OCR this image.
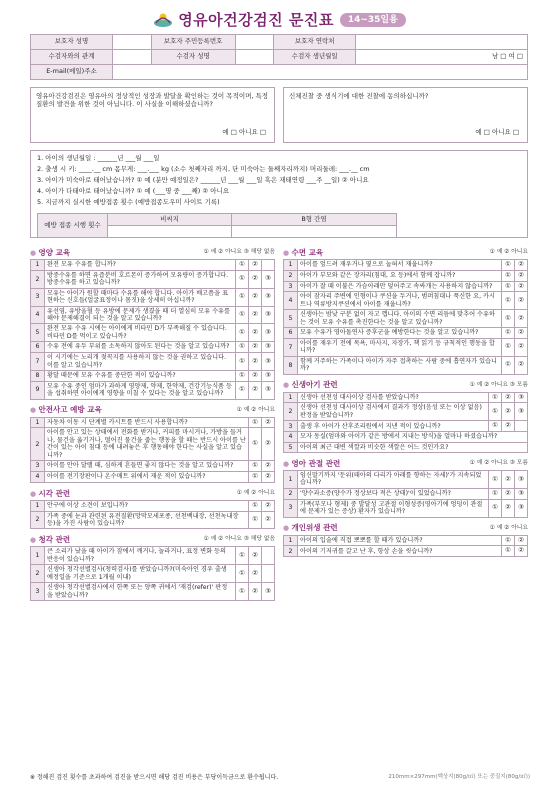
영유아건강검진 문진표	14~35일용
보호자 성명		보호자 주민등록번호		보호자 연락처	
수검자와의 관계		수검자 성명		수검자 생년월일	남 □ 여 □
E-mail(메일)주소					
영유아건강검진은 영유아의 정상적인 성장과 발달을 확인하는 것이 목적이며, 특정 질환의 발견을 위한 것이 아닙니다. 이 사실을 이해하셨습니까?
예 □ 아니요 □
신체진찰 중 생식기에 대한 진찰에 동의하십니까?
예 □ 아니요 □
1. 아이의 생년월일 : ______년 ___월 ___일
2. 출생 시 키: ____.__ cm 몸무게: ___.___ kg (소수 첫째자리 까지, 단 미숙아는 둘째자리까지) 머리둘레: ___.__ cm
3. 아이가 미숙아로 태어났습니까? ① 예 (분만 예정일은? ______년 ___월 ___일 혹은 재태연령 ___주 __일) ② 아니요
4. 아이가 다태아로 태어났습니까? ① 예 (___명 중 ___째) ② 아니요
5. 지금까지 실시한 예방접종 횟수 (예방접종도우미 사이트 기록)
예방 접종 시행 횟수	비씨지	B형 간염

● 영양 교육	① 예 ② 아니요 ③ 해당 없음
1	완전 모유 수유를 합니까?	①	②	
2	방중수유를 하면 유즙분비 호르몬이 증가하여 모유량이 증가합니다. 방중수유를 하고 있습니까?	①	②	③
3	모유는 아이가 원할 때마다 수유를 해야 합니다. 아이가 배고픔을 표현하는 신호들(얼굴표정이나 몸짓)을 상세히 아십니까?	①	②	③
4	유선염, 유방울혈 등 유방에 문제가 생겼을 때 더 열심히 모유 수유를 해야 문제해결이 되는 것을 알고 있습니까?	①	②	③
5	완전 모유 수유 시에는 아이에게 비타민 D가 부족해질 수 있습니다. 비타민 D를 먹이고 있습니까?	①	②	③
6	수유 전에 유두 부위를 소독하지 않아도 된다는 것을 알고 있습니까?	①	②	③
7	이 시기에는 노리개 젖꼭지를 사용하지 않는 것을 권하고 있습니다. 이를 알고 있습니까?	①	②	③
8	황달 때문에 모유 수유를 중단한 적이 있습니까?	①	②	③
9	모유 수유 중인 엄마가 과하게 영양제, 약제, 한약제, 건강기능식품 등을 섭취하면 아이에게 영향을 미칠 수 있다는 것을 알고 있습니까?	①	②	③
● 안전사고 예방 교육	① 예 ② 아니요
1	자동차 이동 시 단계별 카시트를 반드시 사용합니까?	①	②
2	아이를 안고 있는 상태에서 전화를 받거나, 커피를 마시거나, 가방을 들거나, 물건을 옮기거나, 떨어진 물건을 줍는 행동을 할 때는 반드시 아이를 난간이 있는 아이 침대 등에 내려놓은 후 행동해야 한다는 사실을 알고 있습니까?	①	②
3	아이를 안아 달랠 때, 심하게 흔들면 좋지 않다는 것을 알고 있습니까?	①	②
4	아이를 전기장판이나 온수매트 위에서 재운 적이 있습니까?	①	②
● 시각 관련	① 예 ② 아니요
1	안구에 이상 소견이 보입니까?	①	②
2	가족 중에 눈과 관련된 유전질환(망막모세포종, 선천백내장, 선천녹내장 등)을 가진 사람이 있습니까?	①	②
● 청각 관련	① 예 ② 아니요 ③ 해당 없음
1	큰 소리가 났을 때 아이가 잠에서 깨거나, 놀라거나, 표정 변화 등의 반응이 있습니까?	①	②	
2	신생아 청각선별검사(청력검사)를 받았습니까?(미숙아인 경우 출생 예정일을 기준으로 1개월 이내)	①	②	
3	신생아 청각선별검사에서 한쪽 또는 양쪽 귀에서 '재검(refer)' 판정을 받았습니까?	①	②	③
● 수면 교육	① 예 ② 아니요
1	아이를 엎드려 재우거나 옆으로 눕혀서 재웁니까?	①	②
2	아이가 부모와 같은 장자리(침대, 요 등)에서 함께 잡니까?	①	②
3	아이가 잘 때 이불은 가슴아래만 덮어주고 속싸개는 사용하지 않습니까?	①	②
4	아이 잠자리 주변에 인형이나 쿠션을 두거나, 범퍼침대나 푹신한 요, 카시트나 역류방지쿠션에서 아이를 재웁니까?	①	②
5	신생아는 밤낮 구분 없이 자고 깹니다. 아이의 수면 리듬에 맞추어 수유하는 것이 모유 수유를 촉진한다는 것을 알고 있습니까?	①	②
6	모유 수유가 영아돌연사 증후군을 예방한다는 것을 알고 있습니까?	①	②
7	아이를 재우기 전에 목욕, 마사지, 자장가, 책 읽기 등 규칙적인 행동을 합니까?	①	②
8	함께 거주하는 가족이나 아이가 자주 접촉하는 사람 중에 흡연자가 있습니까?	①	②
● 신생아기 관련	① 예 ② 아니요 ③ 모름
1	신생아 선천성 대사이상 검사를 받았습니까?	①	②	③
2	신생아 선천성 대사이상 검사에서 결과가 정상(음성 또는 이상 없음) 판정을 받았습니까?	①	②	③
3	출생 후 아이가 산후조리원에서 지낸 적이 있습니까?	①	②	
4	모자 동실(엄마와 아이가 같은 방에서 지내는 방식)을 얼마나 하셨습니까?			
5	아이의 최근 대변 색깔과 비슷한 색깔은 어느 것인가요?			
● 영아 관절 관련	① 예 ② 아니요 ③ 모름
1	임신말기까지 '둔위(태아의 다리가 아래를 향하는 자세)'가 지속되었습니까?	①	②	③
2	'양수과소증(양수가 정상보다 적은 상태)'이 있었습니까?	①	②	③
3	가족(부모나 형제) 중 발달성 고관절 이형성증(영아기에 엉덩이 관절에 문제가 있는 증상) 환자가 있습니까?	①	②	③
● 개인위생 관련	① 예 ② 아니요
1	아이의 입술에 직접 뽀뽀를 할 때가 있습니까?	①	②
2	아이의 기저귀를 갈고 난 후, 항상 손을 씻습니까?	①	②
※ 정해진 검진 횟수를 초과하여 검진을 받으시면 해당 검진 비용은 부당이득금으로 환수됩니다.	210mm×297mm(백상지(80g/㎡) 또는 중질지(80g/㎡))
